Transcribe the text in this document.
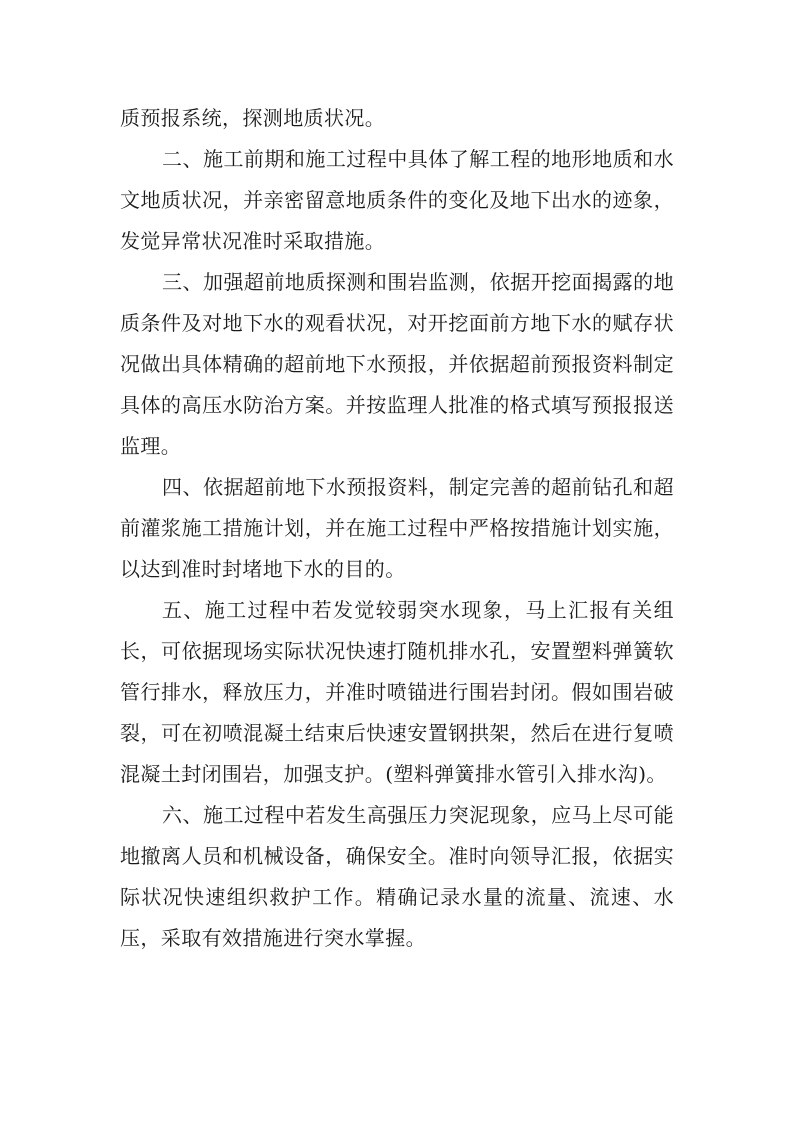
质预报系统，探测地质状况。

二、施工前期和施工过程中具体了解工程的地形地质和水文地质状况，并亲密留意地质条件的变化及地下出水的迹象，发觉异常状况准时采取措施。

三、加强超前地质探测和围岩监测，依据开挖面揭露的地质条件及对地下水的观看状况，对开挖面前方地下水的赋存状况做出具体精确的超前地下水预报，并依据超前预报资料制定具体的高压水防治方案。并按监理人批准的格式填写预报报送监理。

四、依据超前地下水预报资料，制定完善的超前钻孔和超前灌浆施工措施计划，并在施工过程中严格按措施计划实施，以达到准时封堵地下水的目的。

五、施工过程中若发觉较弱突水现象，马上汇报有关组长，可依据现场实际状况快速打随机排水孔，安置塑料弹簧软管行排水，释放压力，并准时喷锚进行围岩封闭。假如围岩破裂，可在初喷混凝土结束后快速安置钢拱架，然后在进行复喷混凝土封闭围岩，加强支护。(塑料弹簧排水管引入排水沟)。

六、施工过程中若发生高强压力突泥现象，应马上尽可能地撤离人员和机械设备，确保安全。准时向领导汇报，依据实际状况快速组织救护工作。精确记录水量的流量、流速、水压，采取有效措施进行突水掌握。
